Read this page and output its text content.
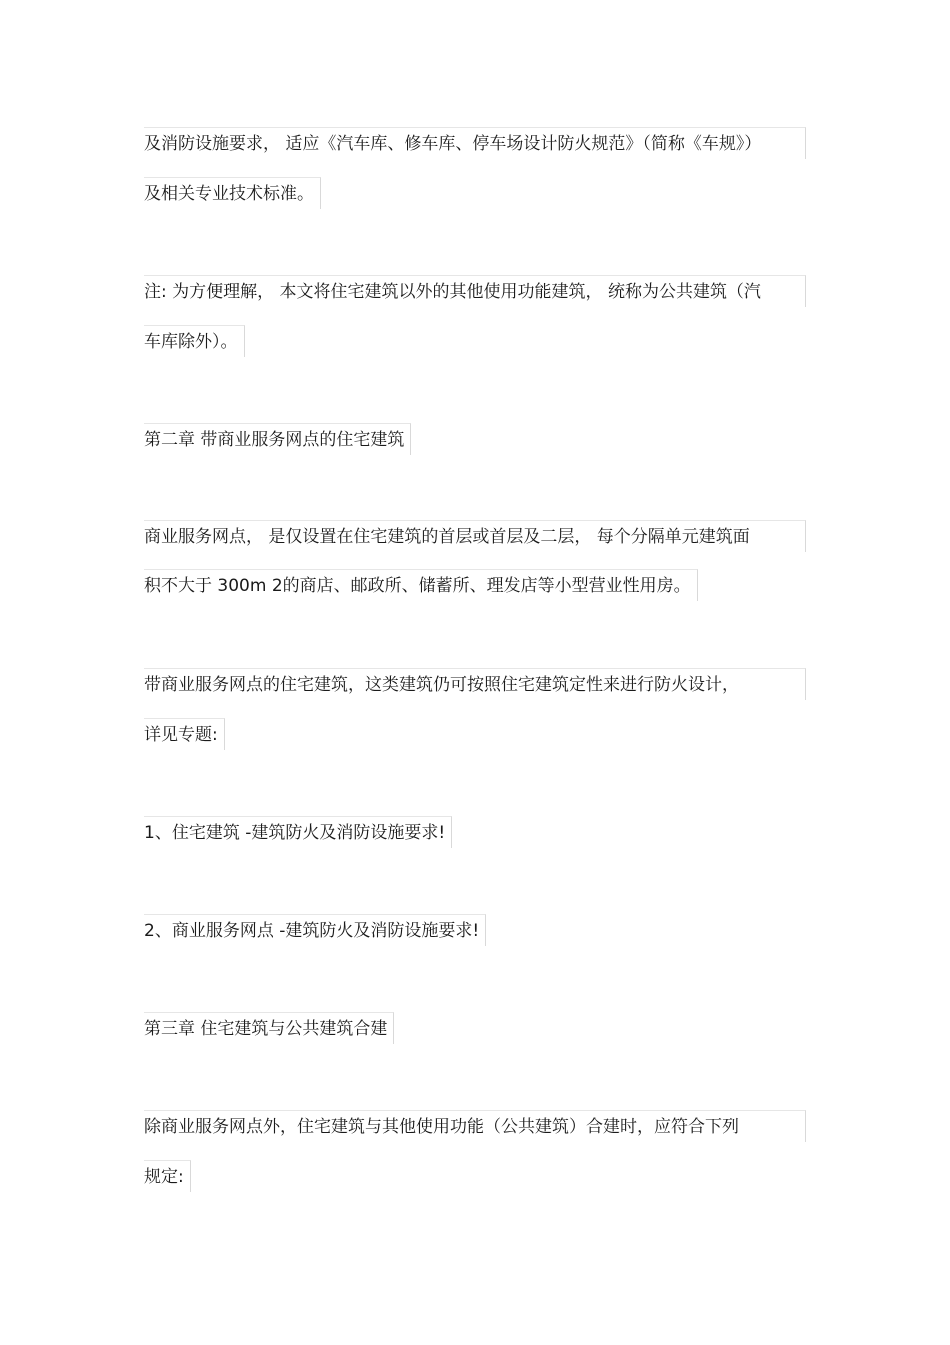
及消防设施要求， 适应《汽车库、修车库、停车场设计防火规范》（简称《车规》）
及相关专业技术标准。
注: 为方便理解， 本文将住宅建筑以外的其他使用功能建筑， 统称为公共建筑（汽
车库除外）。
第二章 带商业服务网点的住宅建筑
商业服务网点， 是仅设置在住宅建筑的首层或首层及二层， 每个分隔单元建筑面
积不大于 300m 2的商店、邮政所、储蓄所、理发店等小型营业性用房。
带商业服务网点的住宅建筑，这类建筑仍可按照住宅建筑定性来进行防火设计，
详见专题:
1、住宅建筑 -建筑防火及消防设施要求!
2、商业服务网点 -建筑防火及消防设施要求!
第三章 住宅建筑与公共建筑合建
除商业服务网点外，住宅建筑与其他使用功能（公共建筑）合建时，应符合下列
规定:
